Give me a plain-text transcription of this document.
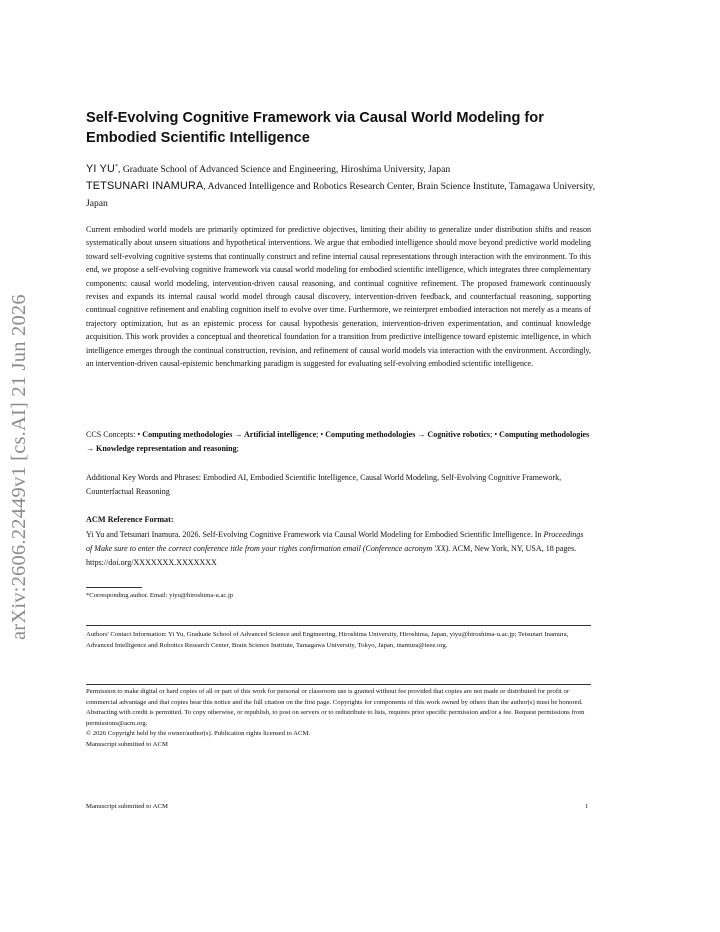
arXiv:2606.22449v1 [cs.AI] 21 Jun 2026
Self-Evolving Cognitive Framework via Causal World Modeling for Embodied Scientific Intelligence
YI YU*, Graduate School of Advanced Science and Engineering, Hiroshima University, Japan
TETSUNARI INAMURA, Advanced Intelligence and Robotics Research Center, Brain Science Institute, Tamagawa University, Japan

Current embodied world models are primarily optimized for predictive objectives, limiting their ability to generalize under distribution shifts and reason systematically about unseen situations and hypothetical interventions. We argue that embodied intelligence should move beyond predictive world modeling toward self-evolving cognitive systems that continually construct and refine internal causal representations through interaction with the environment. To this end, we propose a self-evolving cognitive framework via causal world modeling for embodied scientific intelligence, which integrates three complementary components: causal world modeling, intervention-driven causal reasoning, and continual cognitive refinement. The proposed framework continuously revises and expands its internal causal world model through causal discovery, intervention-driven feedback, and counterfactual reasoning, supporting continual cognitive refinement and enabling cognition itself to evolve over time. Furthermore, we reinterpret embodied interaction not merely as a means of trajectory optimization, but as an epistemic process for causal hypothesis generation, intervention-driven experimentation, and continual knowledge acquisition. This work provides a conceptual and theoretical foundation for a transition from predictive intelligence toward epistemic intelligence, in which intelligence emerges through the continual construction, revision, and refinement of causal world models via interaction with the environment. Accordingly, an intervention-driven causal-epistemic benchmarking paradigm is suggested for evaluating self-evolving embodied scientific intelligence.

CCS Concepts: • Computing methodologies → Artificial intelligence; • Computing methodologies → Cognitive robotics; • Computing methodologies → Knowledge representation and reasoning;

Additional Key Words and Phrases: Embodied AI, Embodied Scientific Intelligence, Causal World Modeling, Self-Evolving Cognitive Framework, Counterfactual Reasoning

ACM Reference Format:

Yi Yu and Tetsunari Inamura. 2026. Self-Evolving Cognitive Framework via Causal World Modeling for Embodied Scientific Intelligence. In Proceedings of Make sure to enter the correct conference title from your rights confirmation email (Conference acronym 'XX). ACM, New York, NY, USA, 18 pages. https://doi.org/XXXXXXX.XXXXXXX

*Corresponding author. Email: yiyu@hiroshima-u.ac.jp

Authors' Contact Information: Yi Yu, Graduate School of Advanced Science and Engineering, Hiroshima University, Hiroshima, Japan, yiyu@hiroshima-u.ac.jp; Tetsunari Inamura, Advanced Intelligence and Robotics Research Center, Brain Science Institute, Tamagawa University, Tokyo, Japan, inamura@ieee.org.

Permission to make digital or hard copies of all or part of this work for personal or classroom use is granted without fee provided that copies are not made or distributed for profit or commercial advantage and that copies bear this notice and the full citation on the first page. Copyrights for components of this work owned by others than the author(s) must be honored. Abstracting with credit is permitted. To copy otherwise, or republish, to post on servers or to redistribute to lists, requires prior specific permission and/or a fee. Request permissions from permissions@acm.org.
© 2026 Copyright held by the owner/author(s). Publication rights licensed to ACM.
Manuscript submitted to ACM
Manuscript submitted to ACM	1
